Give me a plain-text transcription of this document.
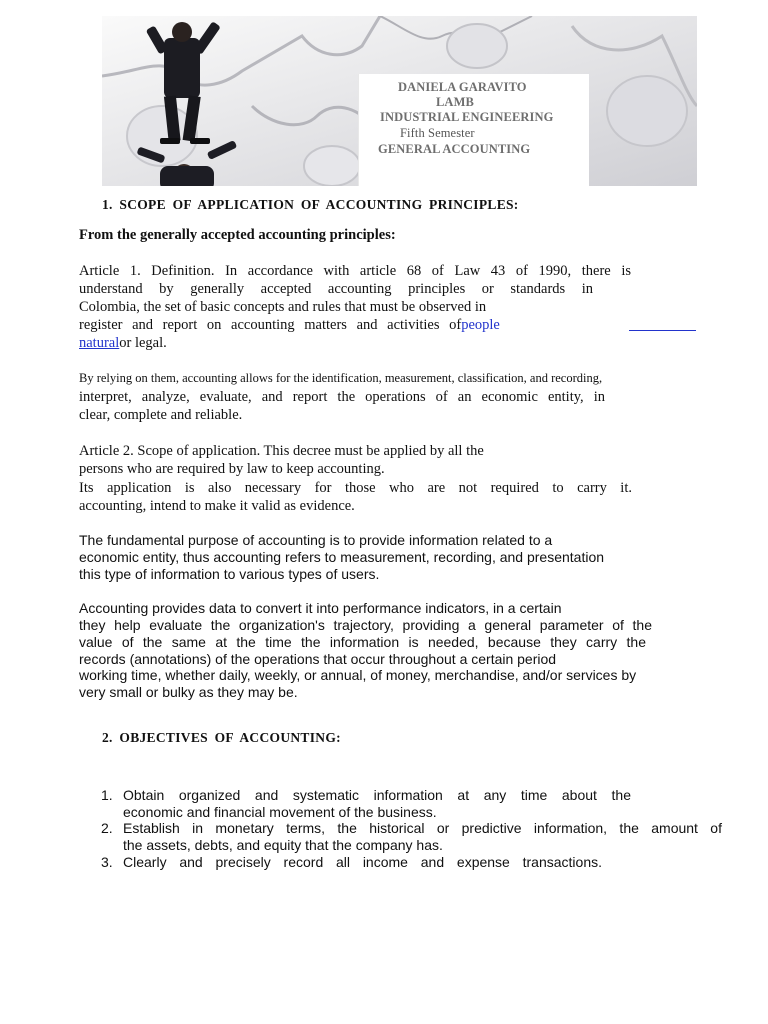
DANIELA GARAVITO
LAMB
INDUSTRIAL ENGINEERING
Fifth Semester
GENERAL ACCOUNTING
1. SCOPE OF APPLICATION OF ACCOUNTING PRINCIPLES:
From the generally accepted accounting principles:
Article 1. Definition. In accordance with article 68 of Law 43 of 1990, there is
understand by generally accepted accounting principles or standards in
Colombia, the set of basic concepts and rules that must be observed in
register and report on accounting matters and activities ofpeople
naturalor legal.
By relying on them, accounting allows for the identification, measurement, classification, and recording,
interpret, analyze, evaluate, and report the operations of an economic entity, in
clear, complete and reliable.
Article 2. Scope of application. This decree must be applied by all the
persons who are required by law to keep accounting.
Its application is also necessary for those who are not required to carry it.
accounting, intend to make it valid as evidence.
The fundamental purpose of accounting is to provide information related to a
economic entity, thus accounting refers to measurement, recording, and presentation
this type of information to various types of users.
Accounting provides data to convert it into performance indicators, in a certain
they help evaluate the organization's trajectory, providing a general parameter of the
value of the same at the time the information is needed, because they carry the
records (annotations) of the operations that occur throughout a certain period
working time, whether daily, weekly, or annual, of money, merchandise, and/or services by
very small or bulky as they may be.
2. OBJECTIVES OF ACCOUNTING:
1. Obtain organized and systematic information at any time about the
economic and financial movement of the business.
2. Establish in monetary terms, the historical or predictive information, the amount of
the assets, debts, and equity that the company has.
3. Clearly and precisely record all income and expense transactions.
